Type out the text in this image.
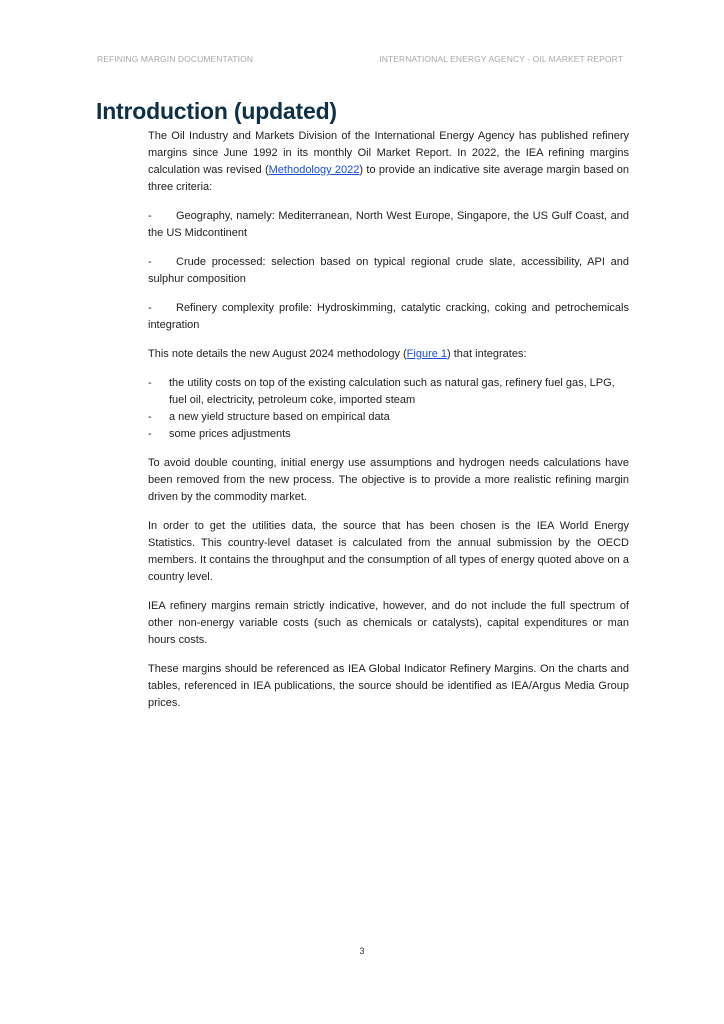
REFINING MARGIN DOCUMENTATION	INTERNATIONAL ENERGY AGENCY - OIL MARKET REPORT
Introduction (updated)

The Oil Industry and Markets Division of the International Energy Agency has published refinery margins since June 1992 in its monthly Oil Market Report. In 2022, the IEA refining margins calculation was revised (Methodology 2022) to provide an indicative site average margin based on three criteria:

- Geography, namely: Mediterranean, North West Europe, Singapore, the US Gulf Coast, and the US Midcontinent

- Crude processed: selection based on typical regional crude slate, accessibility, API and sulphur composition

- Refinery complexity profile: Hydroskimming, catalytic cracking, coking and petrochemicals integration

This note details the new August 2024 methodology (Figure 1) that integrates:

- the utility costs on top of the existing calculation such as natural gas, refinery fuel gas, LPG, fuel oil, electricity, petroleum coke, imported steam
- a new yield structure based on empirical data
- some prices adjustments

To avoid double counting, initial energy use assumptions and hydrogen needs calculations have been removed from the new process. The objective is to provide a more realistic refining margin driven by the commodity market.

In order to get the utilities data, the source that has been chosen is the IEA World Energy Statistics. This country-level dataset is calculated from the annual submission by the OECD members. It contains the throughput and the consumption of all types of energy quoted above on a country level.

IEA refinery margins remain strictly indicative, however, and do not include the full spectrum of other non-energy variable costs (such as chemicals or catalysts), capital expenditures or man hours costs.

These margins should be referenced as IEA Global Indicator Refinery Margins. On the charts and tables, referenced in IEA publications, the source should be identified as IEA/Argus Media Group prices.

3
